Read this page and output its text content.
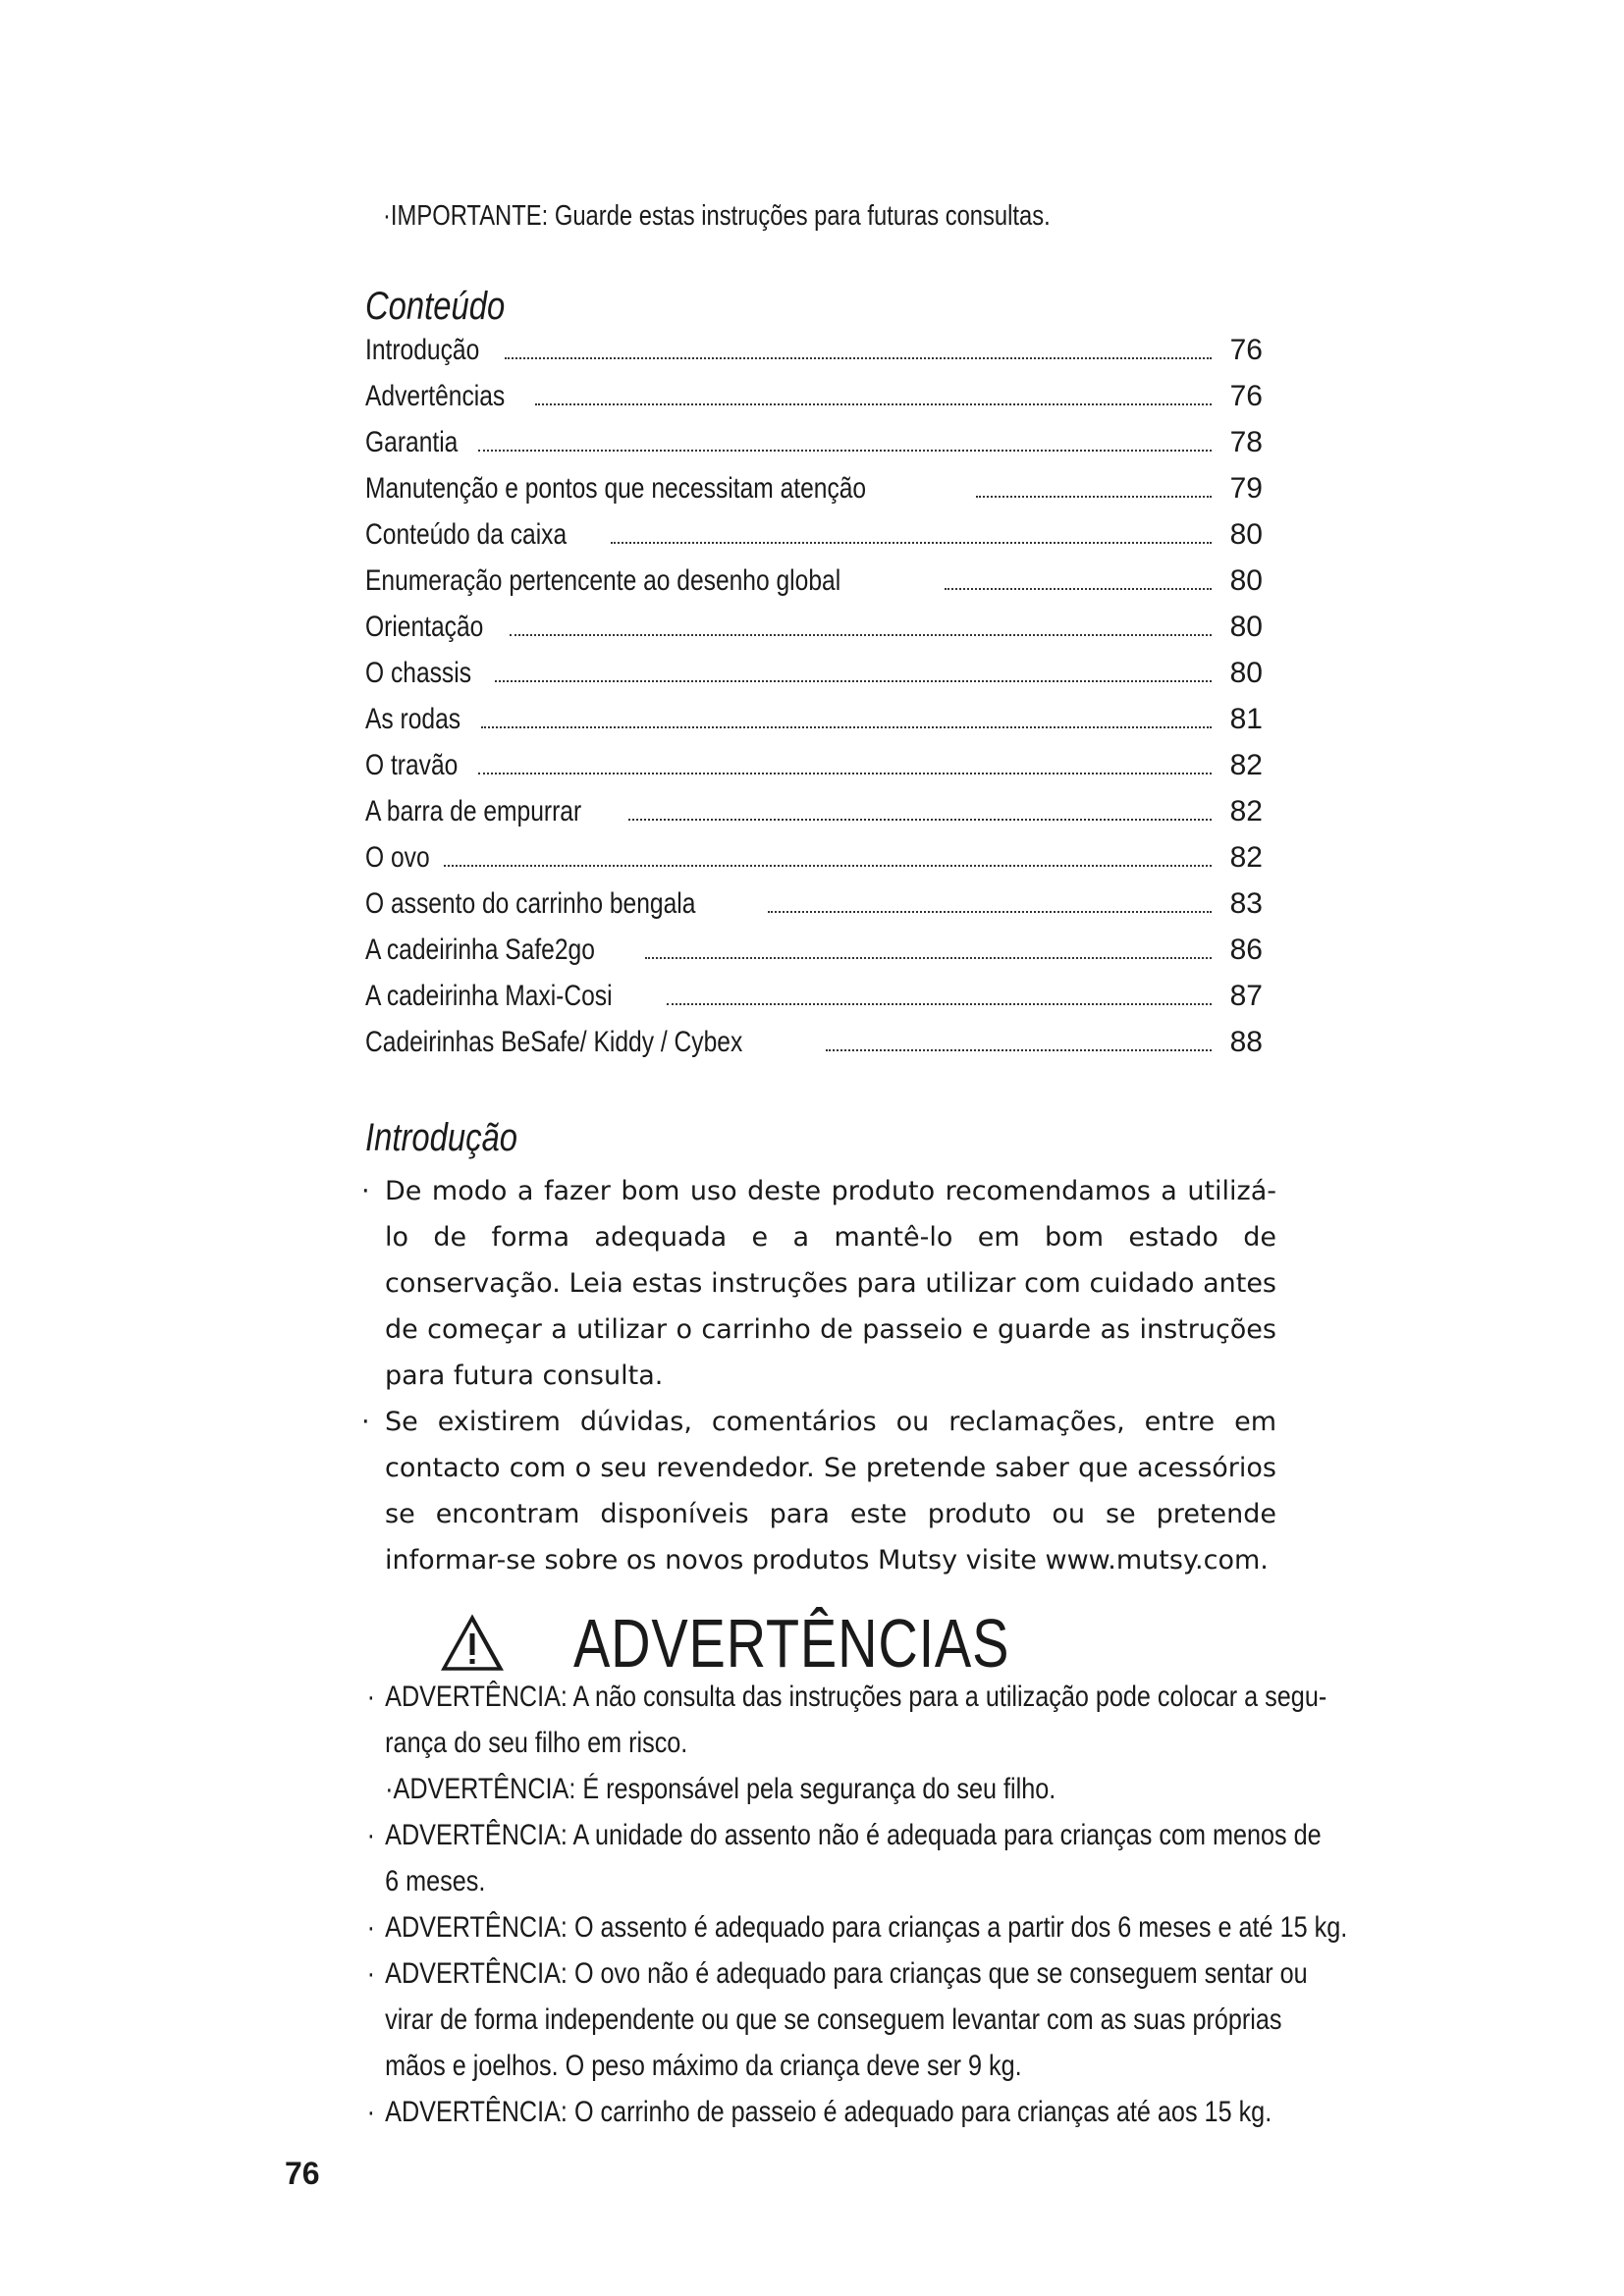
·IMPORTANTE: Guarde estas instruções para futuras consultas.
Conteúdo
Introdução	76
Advertências	76
Garantia	78
Manutenção e pontos que necessitam atenção	79
Conteúdo da caixa	80
Enumeração pertencente ao desenho global	80
Orientação	80
O chassis	80
As rodas	81
O travão	82
A barra de empurrar	82
O ovo	82
O assento do carrinho bengala	83
A cadeirinha Safe2go	86
A cadeirinha Maxi-Cosi	87
Cadeirinhas BeSafe/ Kiddy / Cybex	88
Introdução
· De modo a fazer bom uso deste produto recomendamos a utilizá-lo de forma adequada e a mantê-lo em bom estado de conservação. Leia estas instruções para utilizar com cuidado antes de começar a utilizar o carrinho de passeio e guarde as instruções para futura consulta.
· Se existirem dúvidas, comentários ou reclamações, entre em contacto com o seu revendedor. Se pretende saber que acessórios se encontram disponíveis para este produto ou se pretende informar-se sobre os novos produtos Mutsy visite www.mutsy.com.
ADVERTÊNCIAS
· ADVERTÊNCIA: A não consulta das instruções para a utilização pode colocar a segu-
rança do seu filho em risco.
·ADVERTÊNCIA: É responsável pela segurança do seu filho.
· ADVERTÊNCIA: A unidade do assento não é adequada para crianças com menos de
6 meses.
· ADVERTÊNCIA: O assento é adequado para crianças a partir dos 6 meses e até 15 kg.
· ADVERTÊNCIA: O ovo não é adequado para crianças que se conseguem sentar ou
virar de forma independente ou que se conseguem levantar com as suas próprias
mãos e joelhos. O peso máximo da criança deve ser 9 kg.
· ADVERTÊNCIA: O carrinho de passeio é adequado para crianças até aos 15 kg.
76
